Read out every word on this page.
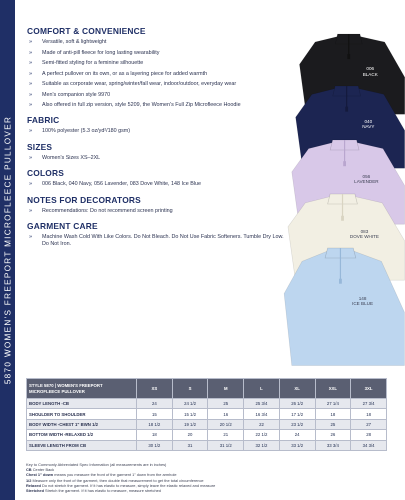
5870 WOMEN'S FREEPORT MICROFLEECE PULLOVER
COMFORT & CONVENIENCE
» Versatile, soft & lightweight
» Made of anti-pill fleece for long lasting wearability
» Semi-fitted styling for a feminine silhouette
» A perfect pullover on its own, or as a layering piece for added warmth
» Suitable as corporate wear, spring/winter/fall wear, indoor/outdoor, everyday wear
» Men's companion style 9970
» Also offered in full zip version, style 5209, the Women's Full Zip Microfleece Hoodie
FABRIC
» 100% polyester (5.3 oz/yd²/180 gsm)
SIZES
» Women's Sizes XS–2XL
COLORS
» 006 Black, 040 Navy, 056 Lavender, 083 Dove White, 148 Ice Blue
NOTES FOR DECORATORS
» Recommendations: Do not recommend screen printing
GARMENT CARE
» Machine Wash Cold With Like Colors. Do Not Bleach. Do Not Use Fabric Softeners. Tumble Dry Low. Do Not Iron.
006
BLACK
040
NAVY
056
LAVENDER
083
DOVE WHITE
148
ICE BLUE
STYLE 5870 | WOMEN'S FREEPORT MICROFLEECE PULLOVER	XS	S	M	L	XL	XXL	3XL
BODY LENGTH -CB	24	24 1/2	25	25 3/4	26 1/2	27 1/4	27 3/4
SHOULDER TO SHOULDER	15	15 1/2	16	16 3/4	17 1/2	18	18
BODY WIDTH -CHEST 1" BWN 1/2	18 1/2	19 1/2	20 1/2	22	23 1/2	25	27
BOTTOM WIDTH -RELAXED 1/2	18	20	21	22 1/2	24	26	28
SLEEVE LENGTH FROM CB	30 1/2	31	31 1/2	32 1/2	33 1/2	33 3/4	34 3/4
Key to Commonly Abbreviated Spec Information (all measurements are in inches)
CB Center Back
Chest 1" down means you measure the front of the garment 1" down from the armhole
1/2 Measure only the front of the garment, then double that measurement to get the total circumference
Relaxed Do not stretch the garment. If it has elastic to measure, simply leave the elastic relaxed and measure
Stretched Stretch the garment. If it has elastic to measure, measure stretched
